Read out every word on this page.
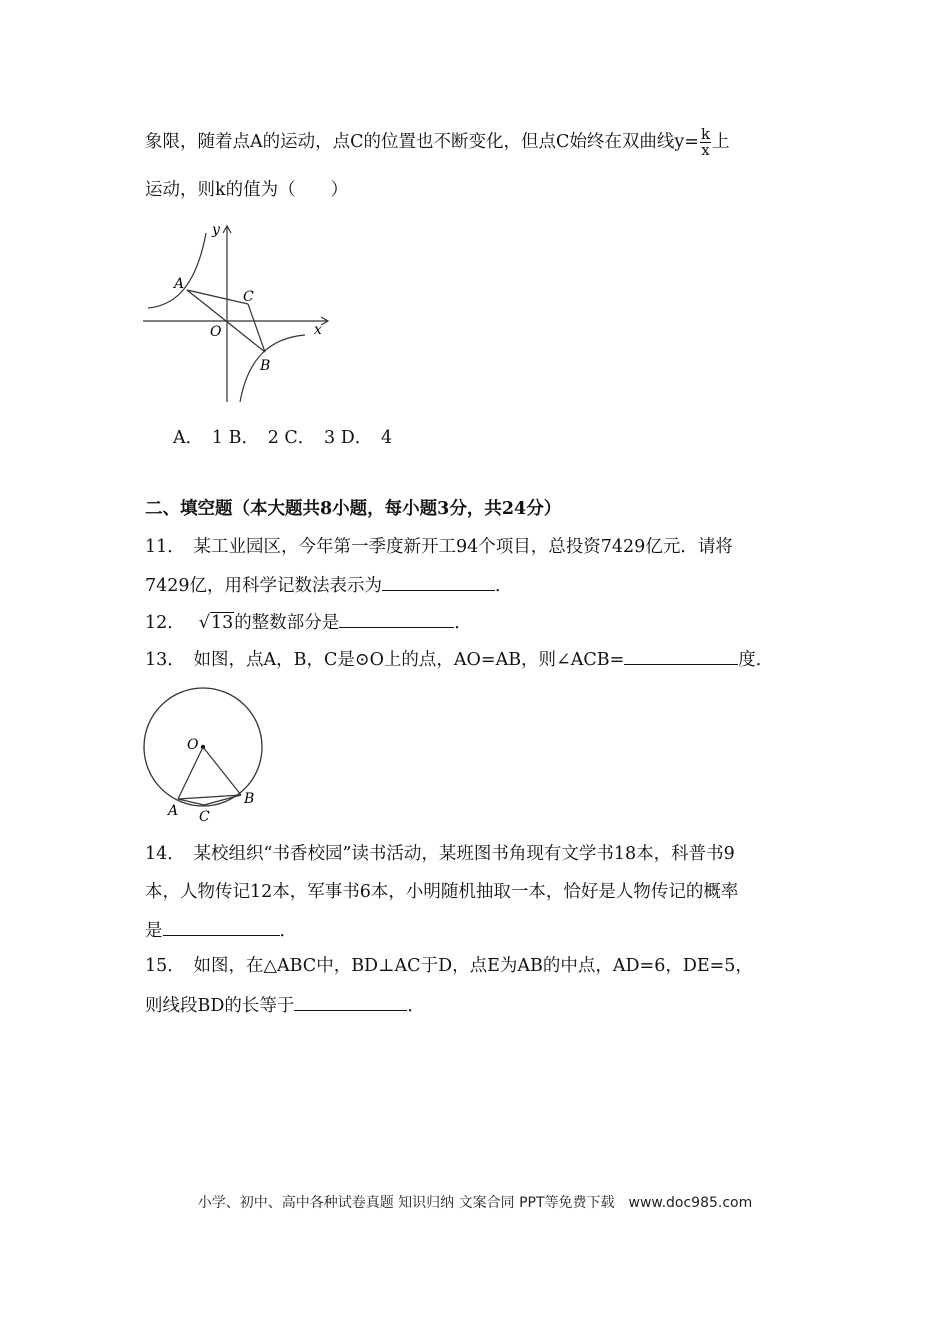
象限，随着点A的运动，点C的位置也不断变化，但点C始终在双曲线$y= \frac{k}{x}$ 上
运动，则k的值为（　　）
y
x
A
C
O
B
A．　1 B．　2 C．　3 D．　4
二、填空题（本大题共8小题，每小题3分，共24分）
11．　某工业园区，今年第一季度新开工94个项目，总投资7429亿元．请将
7429亿，用科学记数法表示为	．
12． √13的整数部分是	．
13．　如图，点A，B，C是⊙O上的点，AO=AB，则∠ACB=	度．
O
A C
B
14．　某校组织“书香校园”读书活动，某班图书角现有文学书18本，科普书9
本，人物传记12本，军事书6本，小明随机抽取一本，恰好是人物传记的概率
是	．
15．　如图，在△ABC中，BD⊥AC于D，点E为AB的中点，AD=6，DE=5，
则线段BD的长等于	．
小学、初中、高中各种试卷真题 知识归纳 文案合同 PPT等免费下载　www.doc985.com
